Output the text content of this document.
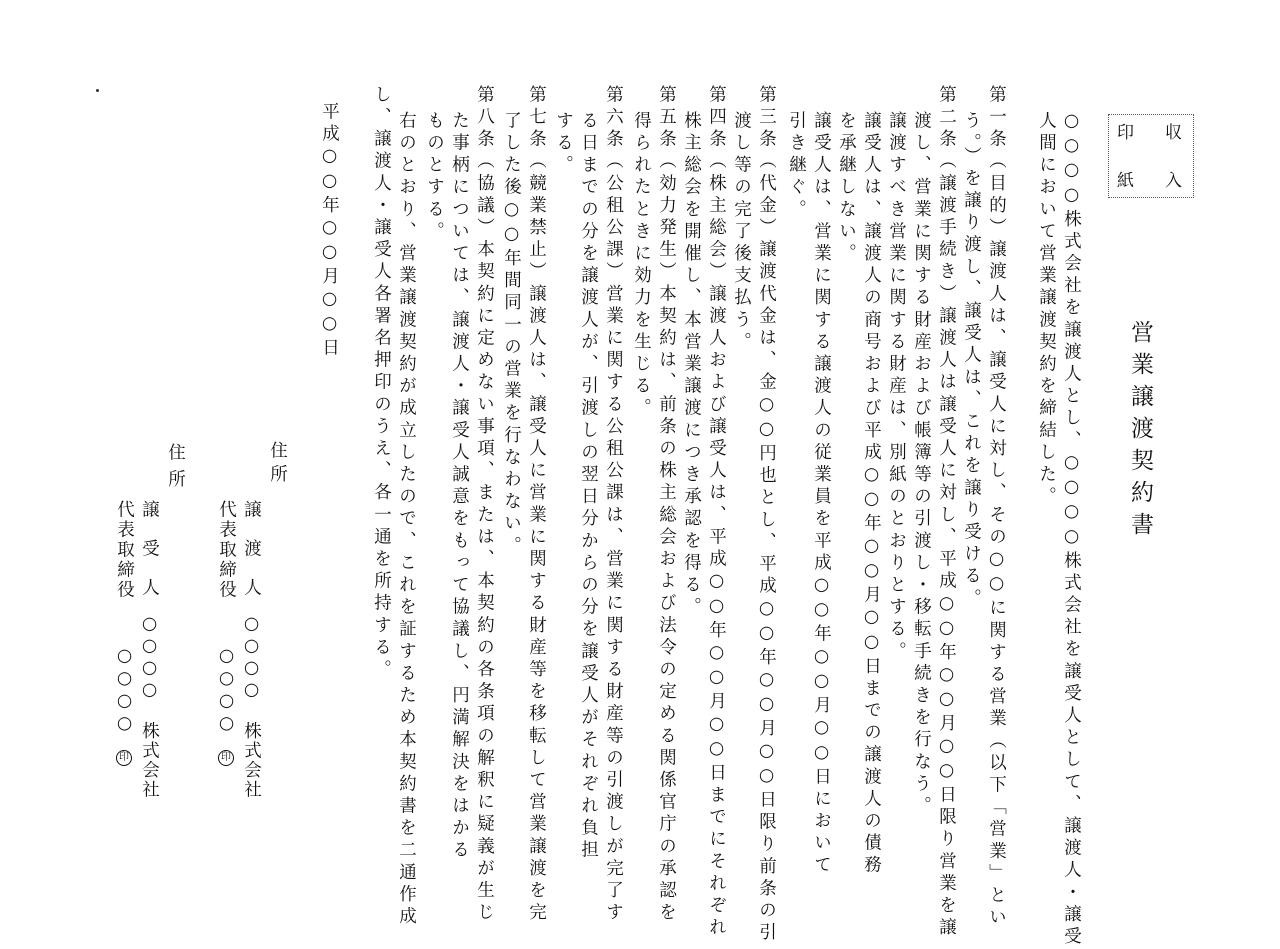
収
入
印
紙
営業譲渡契約書
○○○○株式会社を譲渡人とし、○○○○株式会社を譲受人として、譲渡人・譲受
人間において営業譲渡契約を締結した。
第一条（目的）譲渡人は、譲受人に対し、その○○に関する営業（以下「営業」とい
う。）を譲り渡し、譲受人は、これを譲り受ける。
第二条（譲渡手続き）譲渡人は譲受人に対し、平成○○年○○月○○日限り営業を譲
渡し、営業に関する財産および帳簿等の引渡し・移転手続きを行なう。
譲渡すべき営業に関する財産は、別紙のとおりとする。
譲受人は、譲渡人の商号および平成○○年○○月○○日までの譲渡人の債務
を承継しない。
譲受人は、営業に関する譲渡人の従業員を平成○○年○○月○○日において
引き継ぐ。
第三条（代金）譲渡代金は、金○○円也とし、平成○○年○○月○○日限り前条の引
渡し等の完了後支払う。
第四条（株主総会）譲渡人および譲受人は、平成○○年○○月○○日までにそれぞれ
株主総会を開催し、本営業譲渡につき承認を得る。
第五条（効力発生）本契約は、前条の株主総会および法令の定める関係官庁の承認を
得られたときに効力を生じる。
第六条（公租公課）営業に関する公租公課は、営業に関する財産等の引渡しが完了す
る日までの分を譲渡人が、引渡しの翌日分からの分を譲受人がそれぞれ負担
する。
第七条（競業禁止）譲渡人は、譲受人に営業に関する財産等を移転して営業譲渡を完
了した後○○年間同一の営業を行なわない。
第八条（協議）本契約に定めない事項、または、本契約の各条項の解釈に疑義が生じ
た事柄については、譲渡人・譲受人誠意をもって協議し、円満解決をはかる
ものとする。
右のとおり、営業譲渡契約が成立したので、これを証するため本契約書を二通作成
し、譲渡人・譲受人各署名押印のうえ、各一通を所持する。
平成○○年○○月○○日
住所
譲　渡　人
○○○○　株式会社
代表取締役
○○○○
印
住所
譲　受　人
○○○○　株式会社
代表取締役
○○○○
印
